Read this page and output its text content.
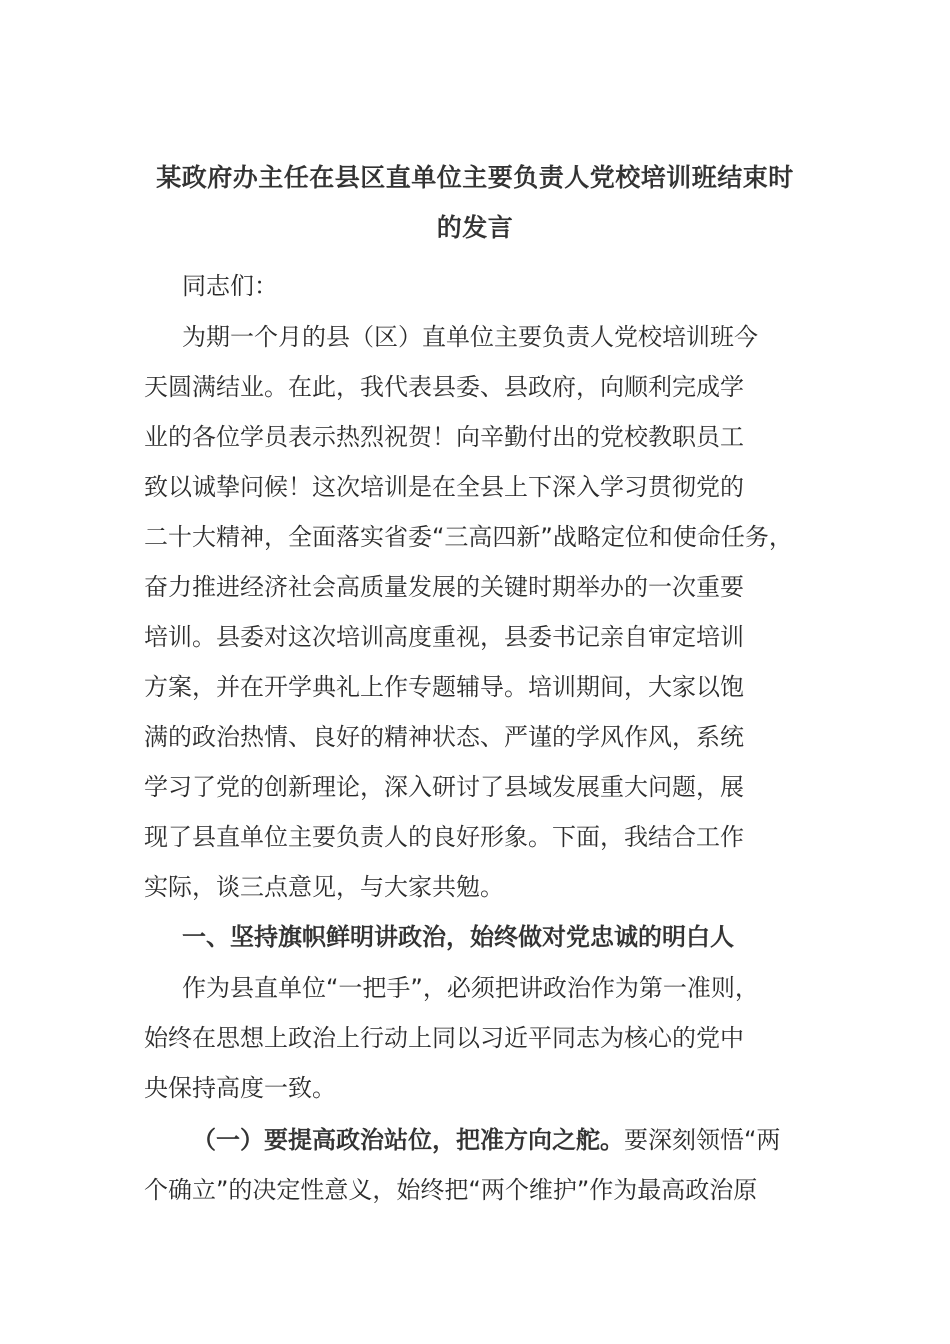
某政府办主任在县区直单位主要负责人党校培训班结束时
的发言

同志们：

为期一个月的县（区）直单位主要负责人党校培训班今

天圆满结业。在此，我代表县委、县政府，向顺利完成学

业的各位学员表示热烈祝贺！向辛勤付出的党校教职员工

致以诚挚问候！这次培训是在全县上下深入学习贯彻党的

二十大精神，全面落实省委“三高四新”战略定位和使命任务，

奋力推进经济社会高质量发展的关键时期举办的一次重要

培训。县委对这次培训高度重视，县委书记亲自审定培训

方案，并在开学典礼上作专题辅导。培训期间，大家以饱

满的政治热情、良好的精神状态、严谨的学风作风，系统

学习了党的创新理论，深入研讨了县域发展重大问题，展

现了县直单位主要负责人的良好形象。下面，我结合工作

实际，谈三点意见，与大家共勉。

一、坚持旗帜鲜明讲政治，始终做对党忠诚的明白人

作为县直单位“一把手”，必须把讲政治作为第一准则，

始终在思想上政治上行动上同以习近平同志为核心的党中

央保持高度一致。

（一）要提高政治站位，把准方向之舵。要深刻领悟“两

个确立”的决定性意义，始终把“两个维护”作为最高政治原
